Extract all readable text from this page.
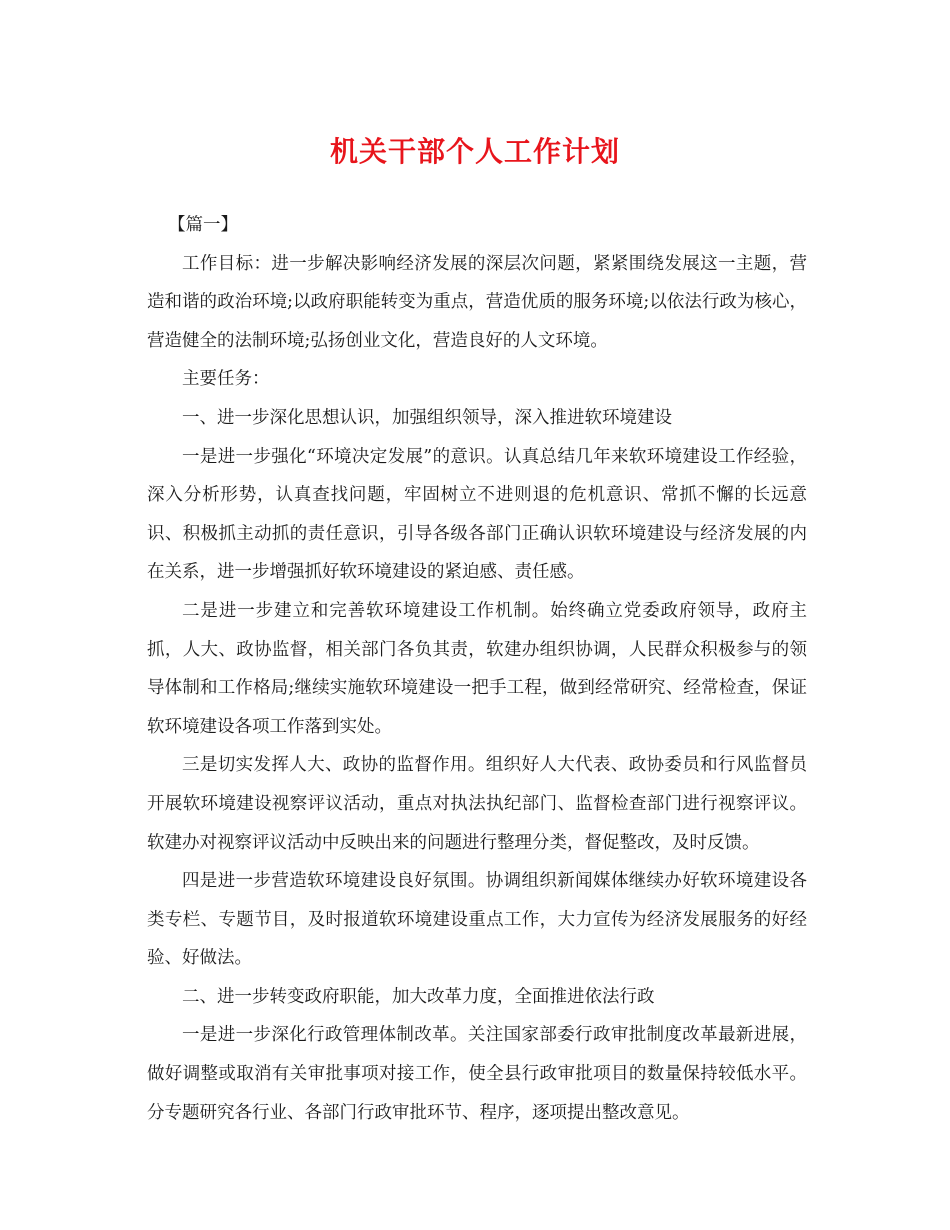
机关干部个人工作计划

【篇一】

工作目标：进一步解决影响经济发展的深层次问题，紧紧围绕发展这一主题，营造和谐的政治环境;以政府职能转变为重点，营造优质的服务环境;以依法行政为核心，营造健全的法制环境;弘扬创业文化，营造良好的人文环境。

主要任务：

一、进一步深化思想认识，加强组织领导，深入推进软环境建设

一是进一步强化“环境决定发展”的意识。认真总结几年来软环境建设工作经验，深入分析形势，认真查找问题，牢固树立不进则退的危机意识、常抓不懈的长远意识、积极抓主动抓的责任意识，引导各级各部门正确认识软环境建设与经济发展的内在关系，进一步增强抓好软环境建设的紧迫感、责任感。

二是进一步建立和完善软环境建设工作机制。始终确立党委政府领导，政府主抓，人大、政协监督，相关部门各负其责，软建办组织协调，人民群众积极参与的领导体制和工作格局;继续实施软环境建设一把手工程，做到经常研究、经常检查，保证软环境建设各项工作落到实处。

三是切实发挥人大、政协的监督作用。组织好人大代表、政协委员和行风监督员开展软环境建设视察评议活动，重点对执法执纪部门、监督检查部门进行视察评议。软建办对视察评议活动中反映出来的问题进行整理分类，督促整改，及时反馈。

四是进一步营造软环境建设良好氛围。协调组织新闻媒体继续办好软环境建设各类专栏、专题节目，及时报道软环境建设重点工作，大力宣传为经济发展服务的好经验、好做法。

二、进一步转变政府职能，加大改革力度，全面推进依法行政

一是进一步深化行政管理体制改革。关注国家部委行政审批制度改革最新进展，做好调整或取消有关审批事项对接工作，使全县行政审批项目的数量保持较低水平。分专题研究各行业、各部门行政审批环节、程序，逐项提出整改意见。
